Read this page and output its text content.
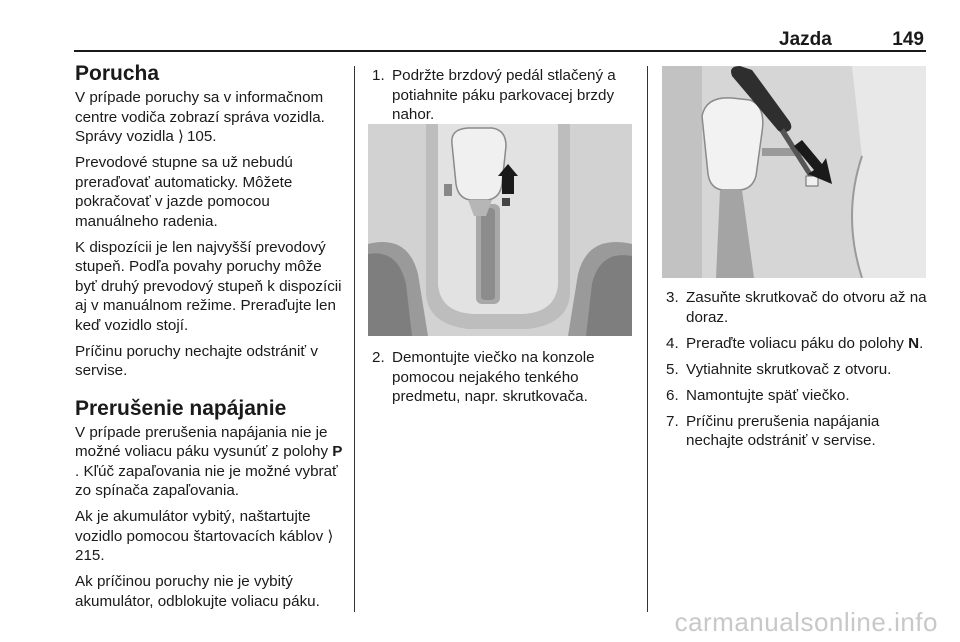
Jazda	149
Porucha

V prípade poruchy sa v informačnom centre vodiča zobrazí správa vozidla. Správy vozidla ⟩ 105.

Prevodové stupne sa už nebudú preraďovať automaticky. Môžete pokračovať v jazde pomocou manuálneho radenia.

K dispozícii je len najvyšší prevodový stupeň. Podľa povahy poruchy môže byť druhý prevodový stupeň k dispozícii aj v manuálnom režime. Preraďujte len keď vozidlo stojí.

Príčinu poruchy nechajte odstrániť v servise.

Prerušenie napájanie

V prípade prerušenia napájania nie je možné voliacu páku vysunúť z polohy P . Kľúč zapaľovania nie je možné vybrať zo spínača zapaľovania.

Ak je akumulátor vybitý, naštartujte vozidlo pomocou štartovacích káblov ⟩ 215.

Ak príčinou poruchy nie je vybitý akumulátor, odblokujte voliacu páku.

1. Podržte brzdový pedál stlačený a potiahnite páku parkovacej brzdy nahor.
2. Demontujte viečko na konzole pomocou nejakého tenkého predmetu, napr. skrutkovača.
3. Zasuňte skrutkovač do otvoru až na doraz.
4. Preraďte voliacu páku do polohy N.
5. Vytiahnite skrutkovač z otvoru.
6. Namontujte späť viečko.
7. Príčinu prerušenia napájania nechajte odstrániť v servise.
carmanualsonline.info
